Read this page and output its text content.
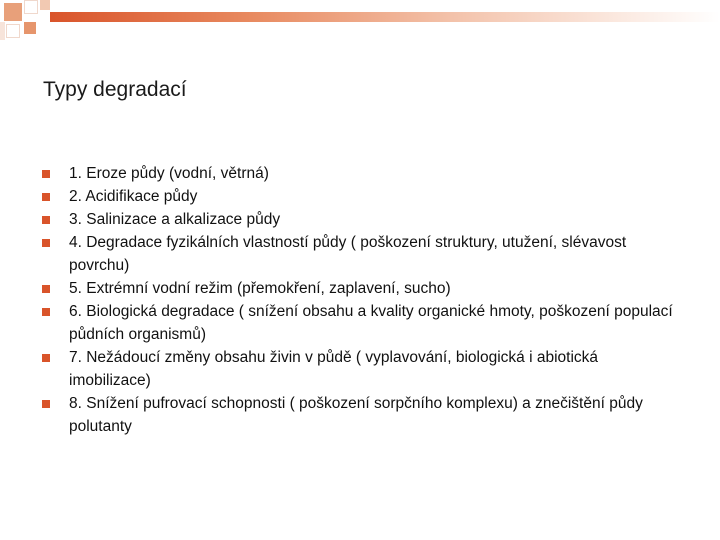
Typy degradací
1. Eroze půdy (vodní, větrná)
2. Acidifikace půdy
3. Salinizace a alkalizace půdy
4. Degradace fyzikálních vlastností půdy ( poškození struktury, utužení, slévavost povrchu)
5. Extrémní vodní režim (přemokření, zaplavení, sucho)
6. Biologická degradace ( snížení obsahu a kvality organické hmoty, poškození populací půdních organismů)
7. Nežádoucí změny obsahu živin v půdě ( vyplavování, biologická i abiotická imobilizace)
8. Snížení pufrovací schopnosti ( poškození sorpčního komplexu) a znečištění půdy polutanty
